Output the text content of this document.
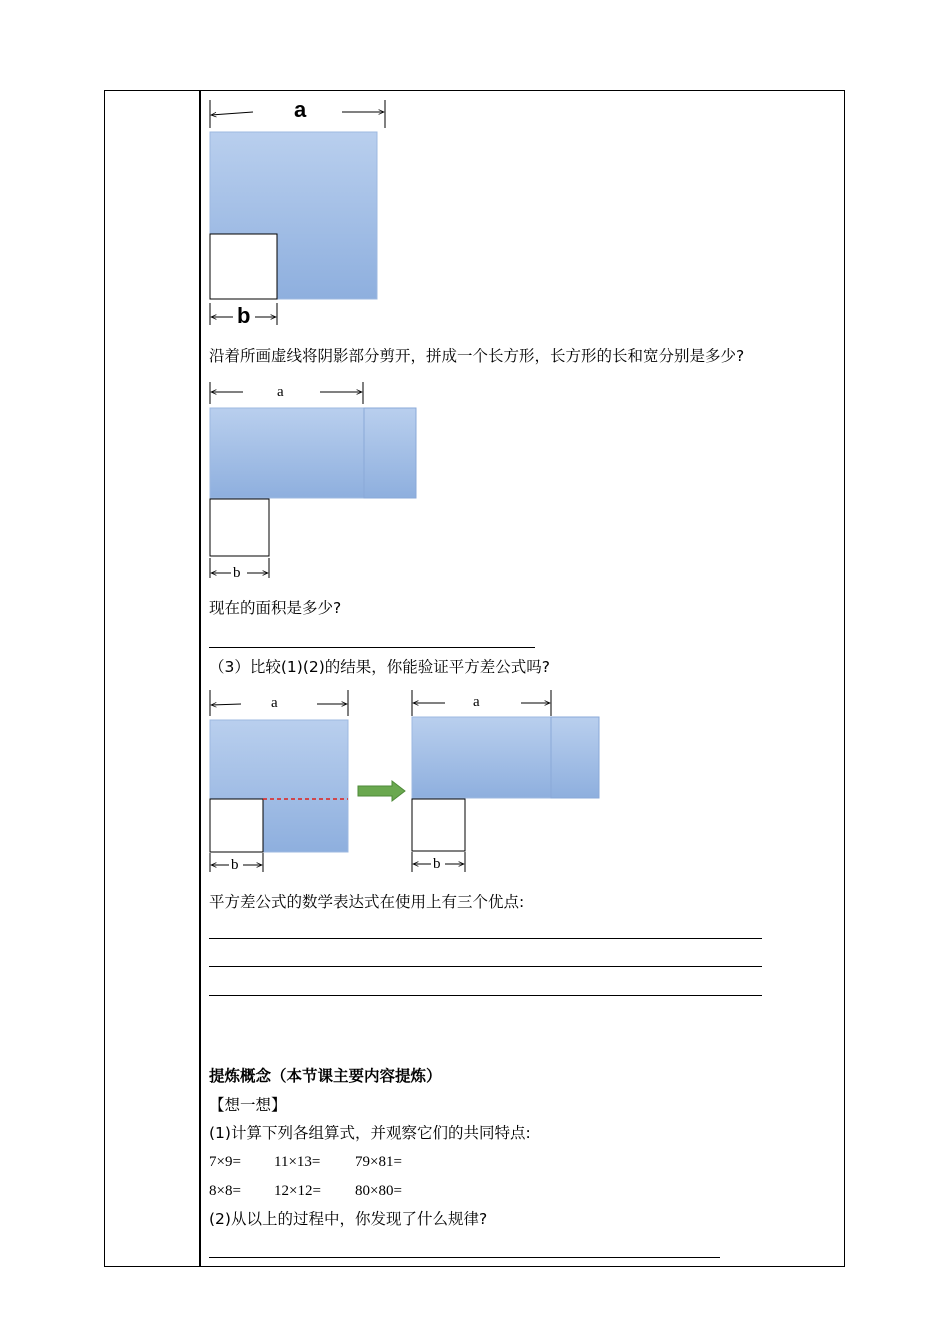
a
b
沿着所画虚线将阴影部分剪开，拼成一个长方形，长方形的长和宽分别是多少?
a
b
现在的面积是多少?
（3）比较(1)(2)的结果，你能验证平方差公式吗?
a
b
a
b
平方差公式的数学表达式在使用上有三个优点:
提炼概念（本节课主要内容提炼）
【想一想】
(1)计算下列各组算式，并观察它们的共同特点:
7×9= 11×13= 79×81=
8×8= 12×12= 80×80=
(2)从以上的过程中，你发现了什么规律?
